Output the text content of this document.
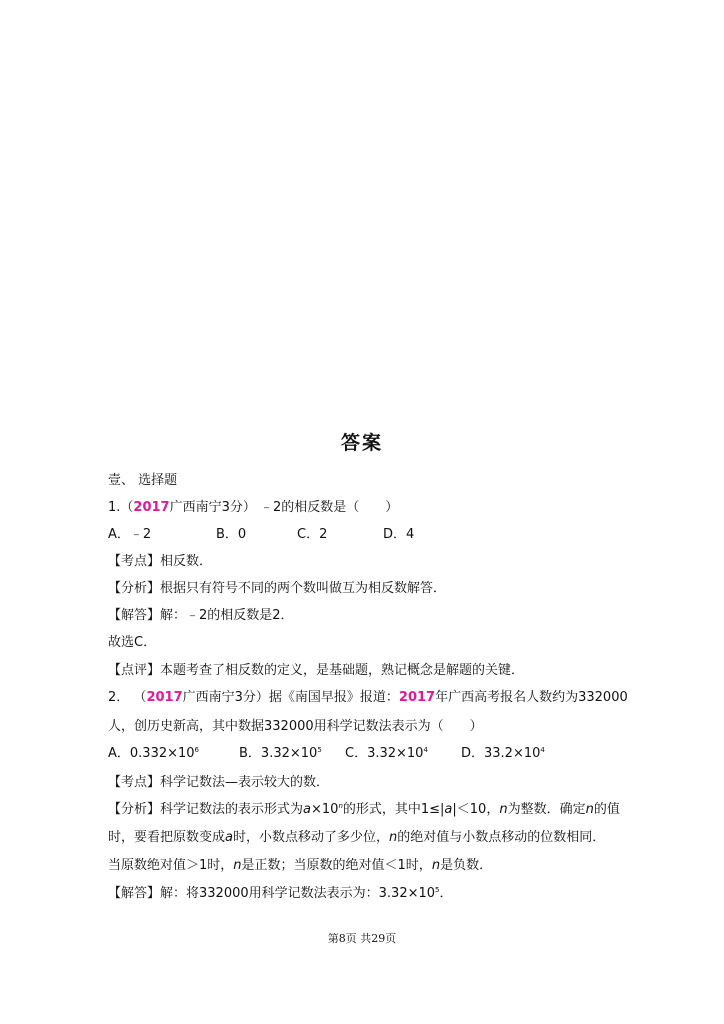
答案
壹、 选择题
1.（2017广西南宁3分） ﹣2的相反数是（　　）
A．﹣2	B．0	C．2	D．4
【考点】相反数．
【分析】根据只有符号不同的两个数叫做互为相反数解答．
【解答】解：﹣2的相反数是2．
故选C．
【点评】本题考查了相反数的定义，是基础题，熟记概念是解题的关键．
2． （2017广西南宁3分）据《南国早报》报道：2017年广西高考报名人数约为332000
人，创历史新高，其中数据332000用科学记数法表示为（　　）
A．$0.332\times 10^6$	B．$3.32\times 10^5$ C．$3.32\times 10^4$	D．$33.2\times 10^4$
【考点】科学记数法—表示较大的数．
【分析】科学记数法的表示形式为$a\times 10^n$的形式，其中1≤|a|＜10，n为整数．确定n的值
时，要看把原数变成a时，小数点移动了多少位，n的绝对值与小数点移动的位数相同．
当原数绝对值＞1时，n是正数；当原数的绝对值＜1时，n是负数．
【解答】解：将332000用科学记数法表示为：$3.32\times 10^5$．
第8页 共29页
